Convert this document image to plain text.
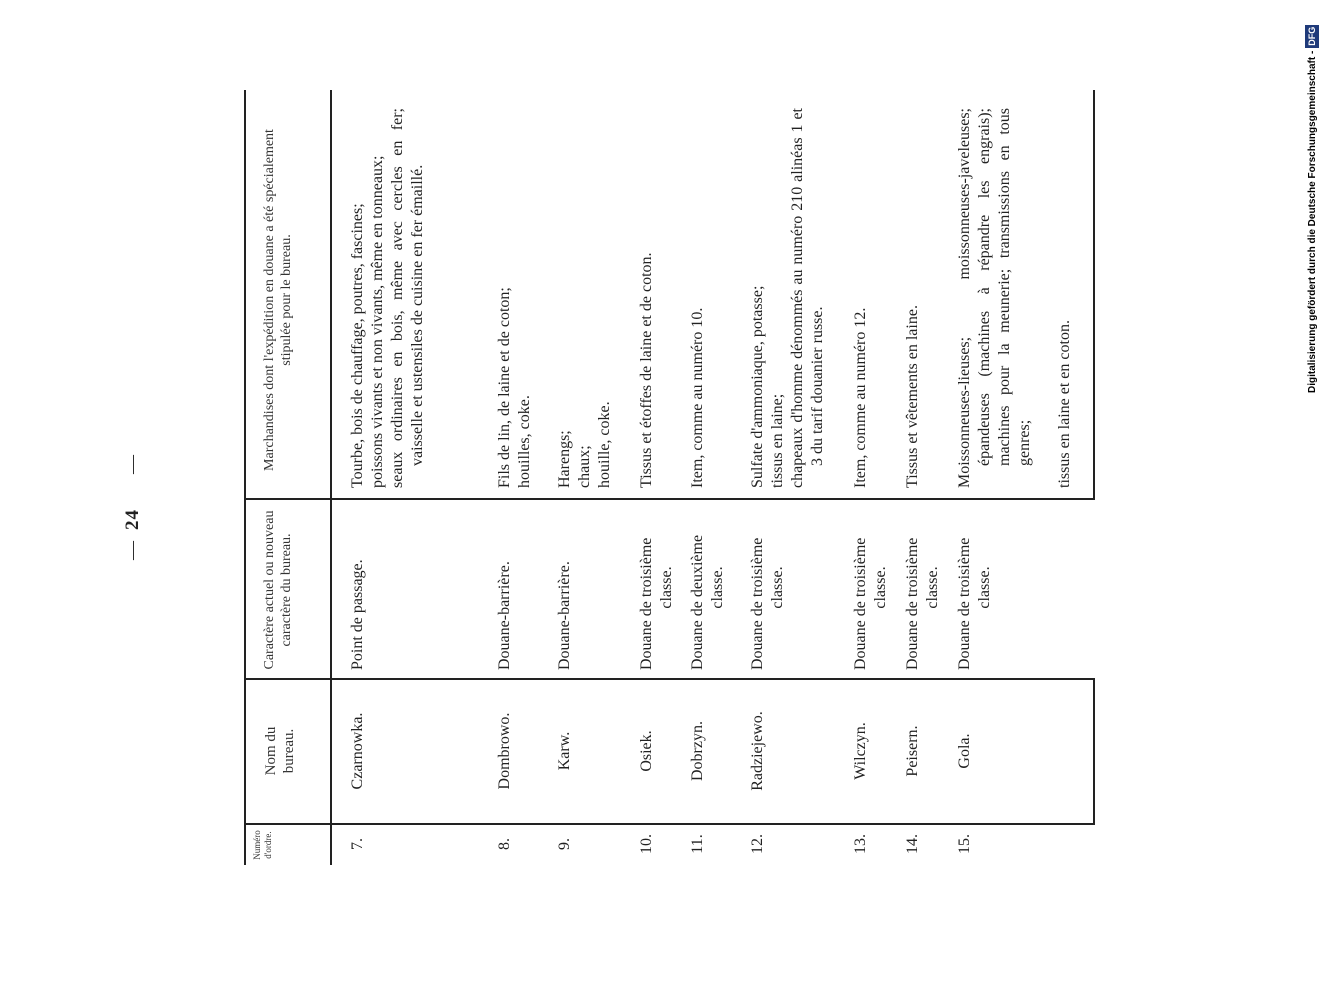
—
24
—
Numéro d'ordre.
Nom du bureau.
Caractère actuel ou nouveau caractère du bureau.
Marchandises dont l'expédition en douane a été spécialement stipulée pour le bureau.
7.
Czarnowka.
Point de passage.
Tourbe, bois de chauffage, poutres, fascines; poissons vivants et non vivants, même en tonneaux; seaux ordinaires en bois, même avec cercles en fer; vaisselle et ustensiles de cuisine en fer émaillé.
8.
Dombrowo.
Douane-barrière.
Fils de lin, de laine et de coton; houilles, coke.
9.
Karw.
Douane-barrière.
Harengs; chaux; houille, coke.
10.
Osiek.
Douane de troisième classe.
Tissus et étoffes de laine et de coton.
11.
Dobrzyn.
Douane de deuxième classe.
Item, comme au numéro 10.
12.
Radziejewo.
Douane de troisième classe.
Sulfate d'ammoniaque, potasse; tissus en laine; chapeaux d'homme dénommés au numéro 210 alinéas 1 et 3 du tarif douanier russe.
13.
Wilczyn.
Douane de troisième classe.
Item, comme au numéro 12.
14.
Peisern.
Douane de troisième classe.
Tissus et vêtements en laine.
15.
Gola.
Douane de troisième classe.
Moissonneuses-lieuses; moissonneuses-javeleuses; épandeuses (machines à répandre les engrais); machines pour la meunerie; transmissions en tous genres; tissus en laine et en coton.
Digitalisierung gefördert durch die Deutsche Forschungsgemeinschaft -DFG
